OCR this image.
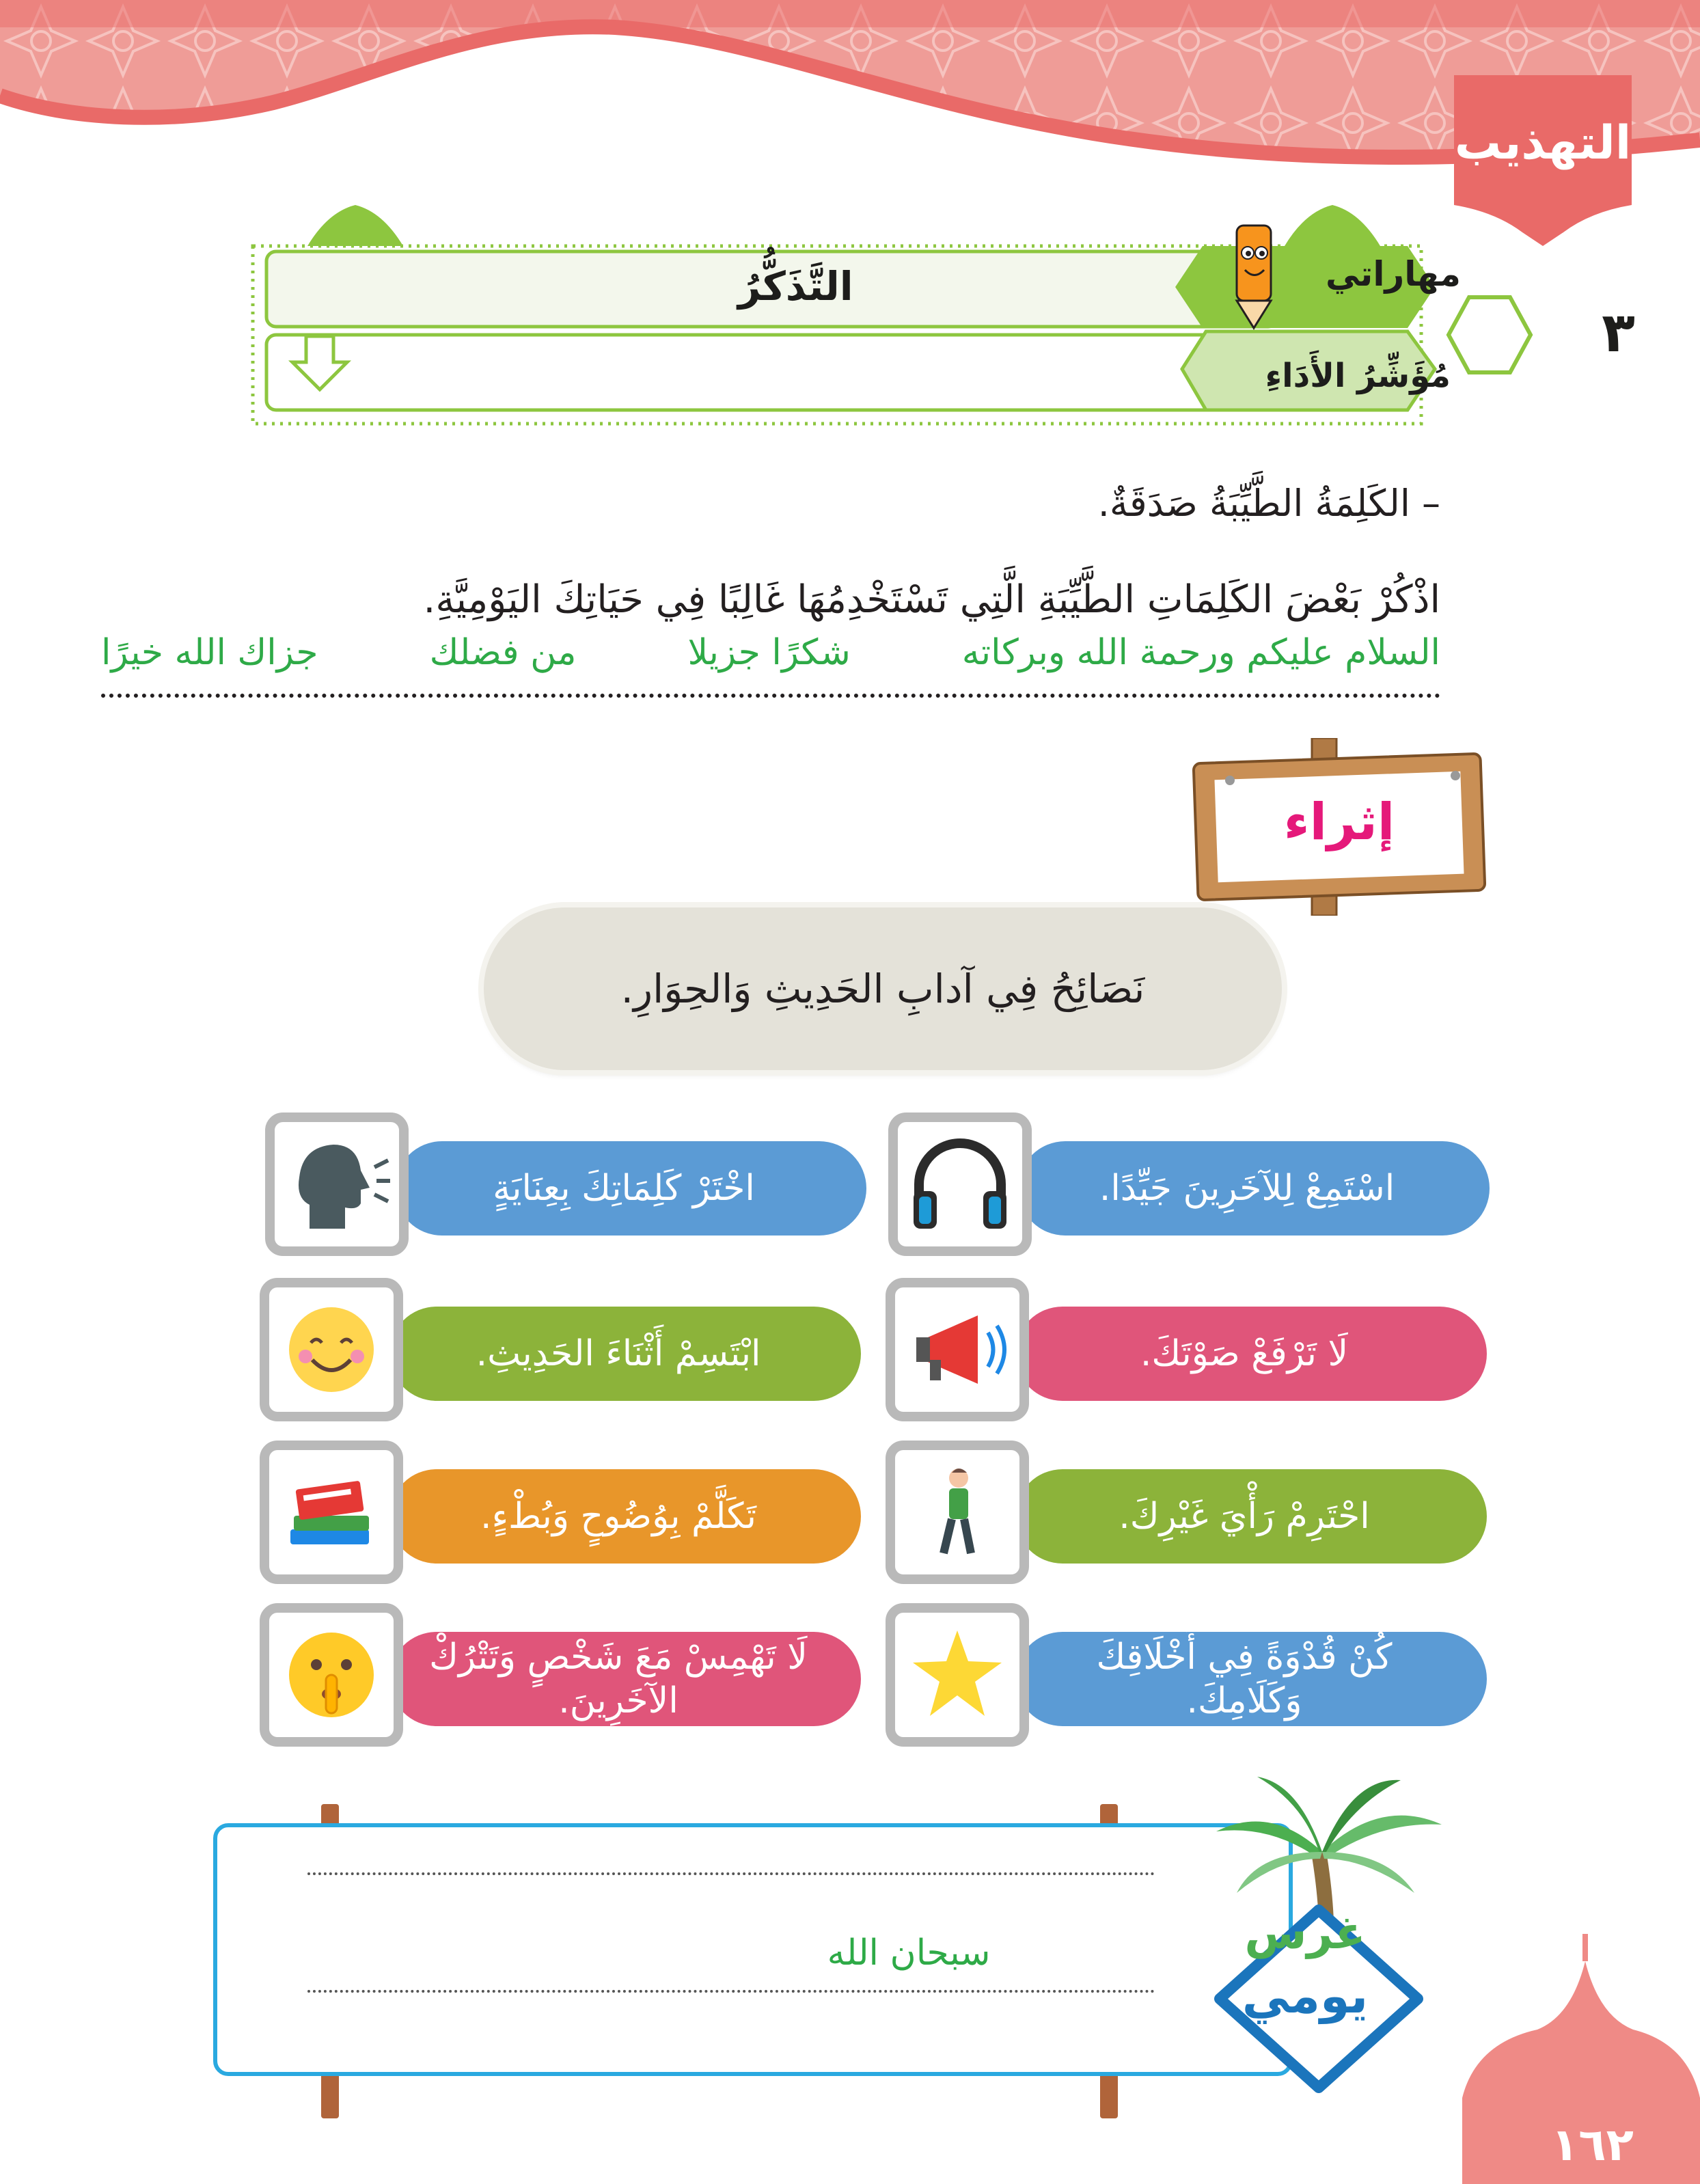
التهذيب
مهاراتي
مُؤَشِّرُ الأَدَاءِ
التَّذَكُّرُ
٣
– الكَلِمَةُ الطَّيِّبَةُ صَدَقَةٌ.
اذْكُرْ بَعْضَ الكَلِمَاتِ الطَّيِّبَةِ الَّتِي تَسْتَخْدِمُهَا غَالِبًا فِي حَيَاتِكَ اليَوْمِيَّةِ.
السلام عليكم ورحمة الله وبركاته
شكرًا جزيلا
من فضلك
جزاك الله خيرًا
إثراء
نَصَائِحُ فِي آدابِ الحَدِيثِ وَالحِوَارِ.
اسْتَمِعْ لِلآخَرِينَ جَيِّدًا.
اخْتَرْ كَلِمَاتِكَ بِعِنَايَةٍ
لَا تَرْفَعْ صَوْتَكَ.
ابْتَسِمْ أَثْنَاءَ الحَدِيثِ.
احْتَرِمْ رَأْيَ غَيْرِكَ.
تَكَلَّمْ بِوُضُوحٍ وَبُطْءٍ.
كُنْ قُدْوَةً فِي أَخْلَاقِكَ وَكَلَامِكَ.
لَا تَهْمِسْ مَعَ شَخْصٍ وَتَتْرُكْ الآخَرِينَ.
سبحان الله	غرس
يومي
١٦٢
